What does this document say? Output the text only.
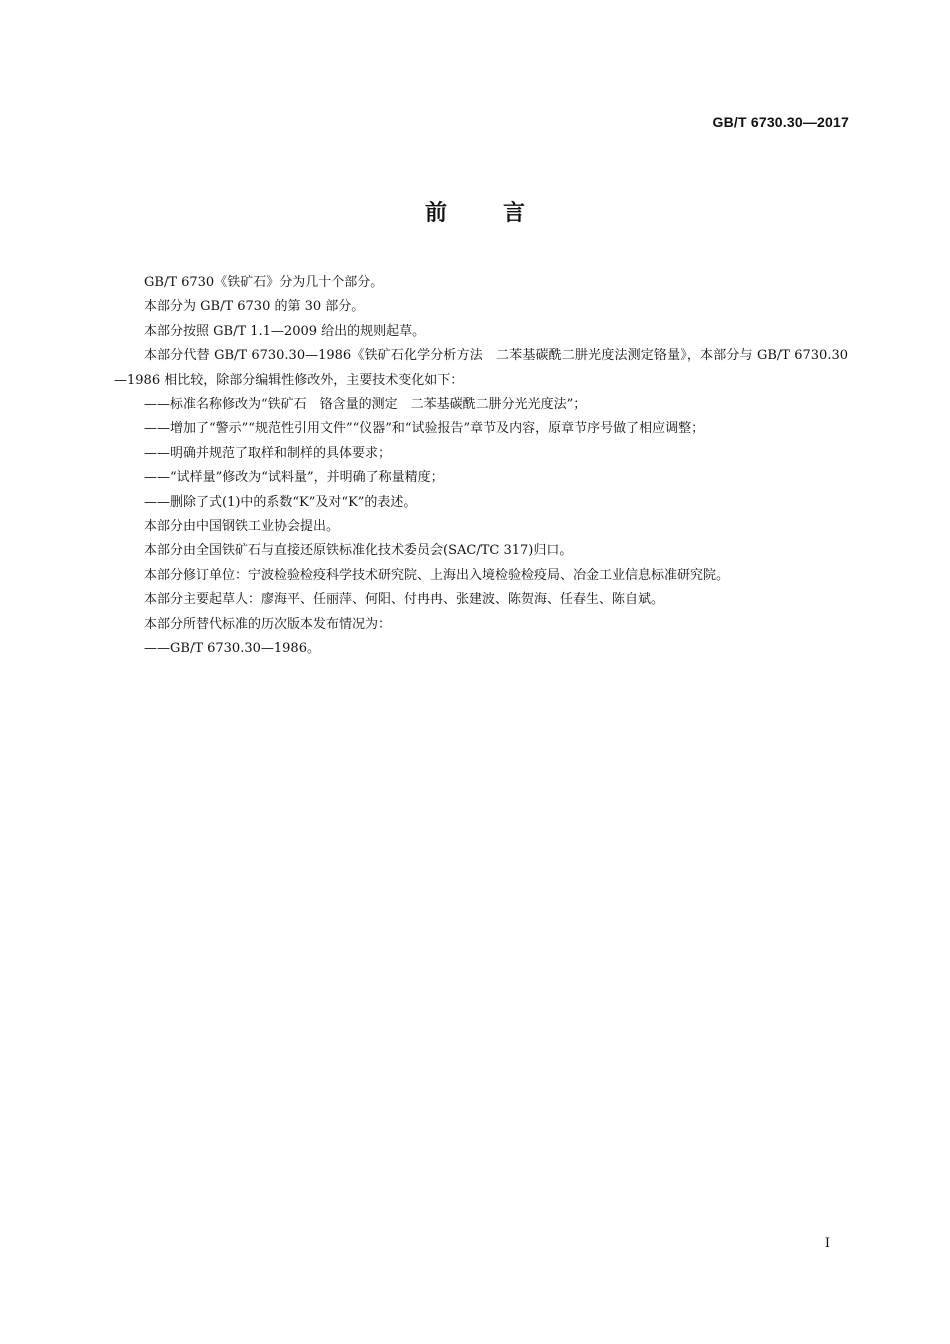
GB/T 6730.30—2017
前言

GB/T 6730《铁矿石》分为几十个部分。

本部分为 GB/T 6730 的第 30 部分。

本部分按照 GB/T 1.1—2009 给出的规则起草。

本部分代替 GB/T 6730.30—1986《铁矿石化学分析方法　二苯基碳酰二肼光度法测定铬量》，本部分与 GB/T 6730.30—1986 相比较，除部分编辑性修改外，主要技术变化如下：

——标准名称修改为“铁矿石　铬含量的测定　二苯基碳酰二肼分光光度法”；

——增加了“警示”“规范性引用文件”“仪器”和“试验报告”章节及内容，原章节序号做了相应调整；

——明确并规范了取样和制样的具体要求；

——“试样量”修改为“试料量”，并明确了称量精度；

——删除了式(1)中的系数“K”及对“K”的表述。

本部分由中国钢铁工业协会提出。

本部分由全国铁矿石与直接还原铁标准化技术委员会(SAC/TC 317)归口。

本部分修订单位：宁波检验检疫科学技术研究院、上海出入境检验检疫局、冶金工业信息标准研究院。

本部分主要起草人：廖海平、任丽萍、何阳、付冉冉、张建波、陈贺海、任春生、陈自斌。

本部分所替代标准的历次版本发布情况为：

——GB/T 6730.30—1986。

I
